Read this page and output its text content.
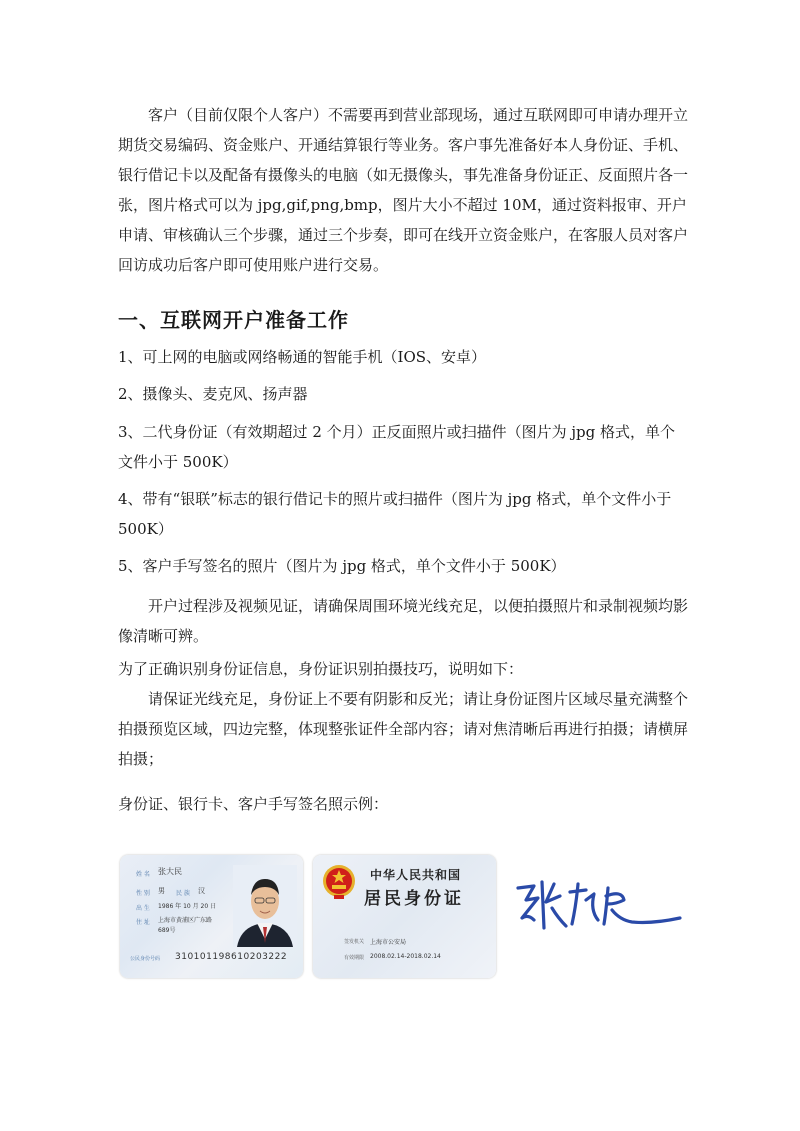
客户（目前仅限个人客户）不需要再到营业部现场，通过互联网即可申请办理开立期货交易编码、资金账户、开通结算银行等业务。客户事先准备好本人身份证、手机、银行借记卡以及配备有摄像头的电脑（如无摄像头，事先准备身份证正、反面照片各一张，图片格式可以为 jpg,gif,png,bmp，图片大小不超过 10M，通过资料报审、开户申请、审核确认三个步骤，通过三个步奏，即可在线开立资金账户，在客服人员对客户回访成功后客户即可使用账户进行交易。

一、互联网开户准备工作

1、可上网的电脑或网络畅通的智能手机（IOS、安卓）

2、摄像头、麦克风、扬声器

3、二代身份证（有效期超过 2 个月）正反面照片或扫描件（图片为 jpg 格式，单个文件小于 500K）

4、带有“银联”标志的银行借记卡的照片或扫描件（图片为 jpg 格式，单个文件小于 500K）

5、客户手写签名的照片（图片为 jpg 格式，单个文件小于 500K）

开户过程涉及视频见证，请确保周围环境光线充足，以便拍摄照片和录制视频均影像清晰可辨。

为了正确识别身份证信息，身份证识别拍摄技巧，说明如下：

请保证光线充足，身份证上不要有阴影和反光；请让身份证图片区域尽量充满整个拍摄预览区域，四边完整，体现整张证件全部内容；请对焦清晰后再进行拍摄；请横屏拍摄；

身份证、银行卡、客户手写签名照示例：

姓 名 张大民
性 别 男 民 族 汉
出 生 1986 年 10 月 20 日
住 址 上海市黄浦区广东路
689号
公民身份号码 310101198610203222
中华人民共和国
居民身份证
签发机关 上海市公安局
有效期限 2008.02.14-2018.02.14
